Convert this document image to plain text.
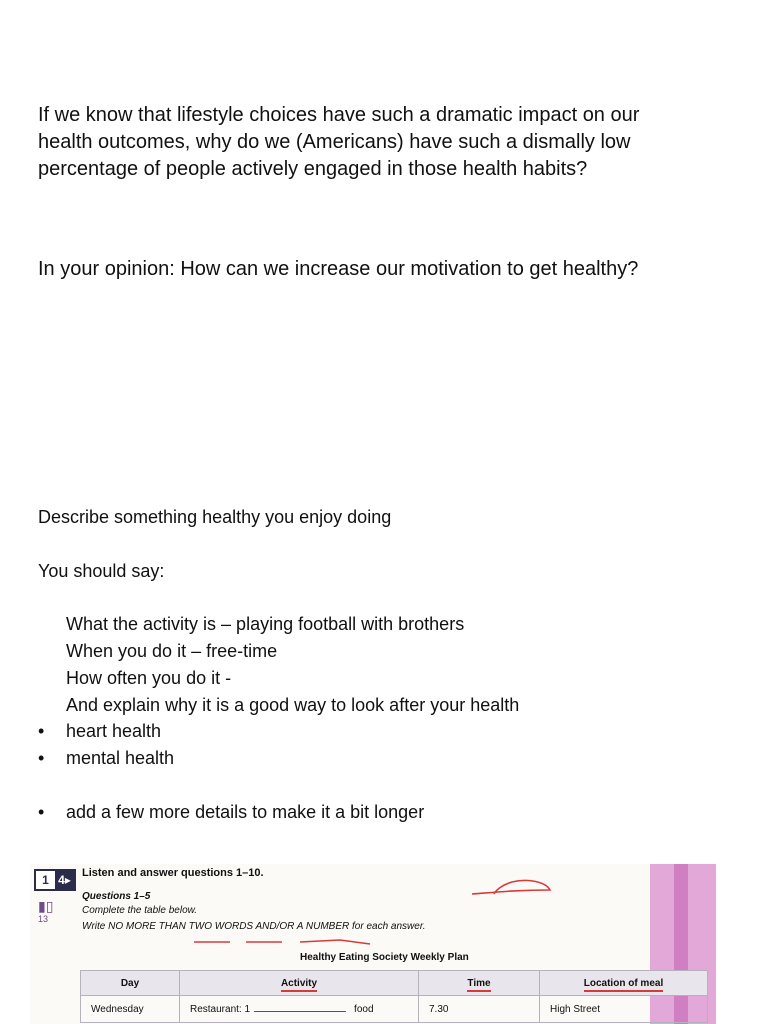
If we know that lifestyle choices have such a dramatic impact on our health outcomes, why do we (Americans) have such a dismally low percentage of people actively engaged in those health habits?

In your opinion: How can we increase our motivation to get healthy?

Describe something healthy you enjoy doing

You should say:

What the activity is – playing football with brothers
When you do it – free-time
How often you do it -
And explain why it is a good way to look after your health
• heart health
• mental health
• add a few more details to make it a bit longer
1 4▸
▮▯
13
Listen and answer questions 1–10.
Questions 1–5
Complete the table below.
Write NO MORE THAN TWO WORDS AND/OR A NUMBER for each answer.
Healthy Eating Society Weekly Plan
Day	Activity	Time	Location of meal
Wednesday	Restaurant: 1 food	7.30	High Street
